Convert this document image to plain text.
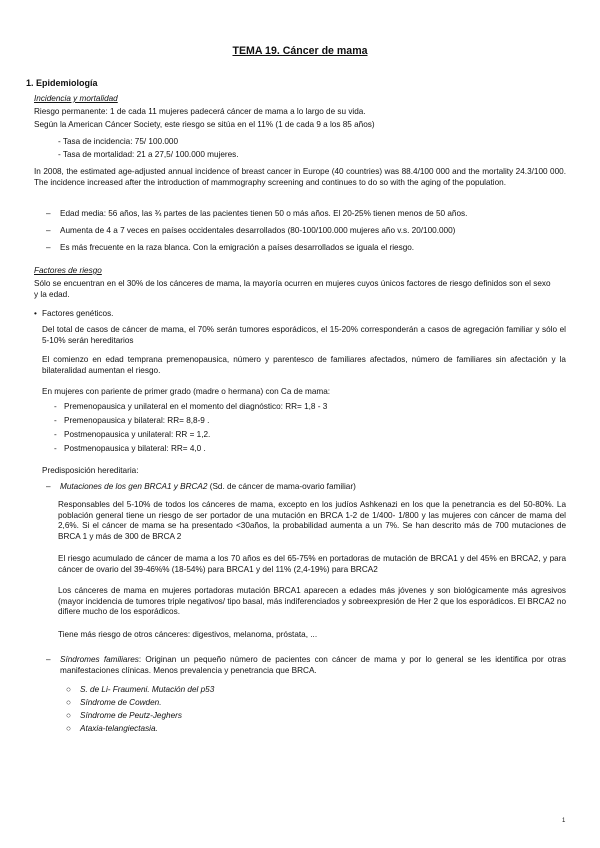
TEMA 19. Cáncer de mama
1. Epidemiología
Incidencia y mortalidad
Riesgo permanente: 1 de cada 11 mujeres padecerá cáncer de mama a lo largo de su vida.
Según la American Cáncer Society, este riesgo se sitúa en el 11% (1 de cada 9 a los 85 años)
- Tasa de incidencia: 75/ 100.000
- Tasa de mortalidad: 21 a 27,5/ 100.000 mujeres.
In 2008, the estimated age-adjusted annual incidence of breast cancer in Europe (40 countries) was 88.4/100 000 and the mortality 24.3/100 000. The incidence increased after the introduction of mammography screening and continues to do so with the aging of the population.
– Edad media: 56 años, las ¾ partes de las pacientes tienen 50 o más años. El 20-25% tienen menos de 50 años.
– Aumenta de 4 a 7 veces en países occidentales desarrollados (80-100/100.000 mujeres año v.s. 20/100.000)
– Es más frecuente en la raza blanca. Con la emigración a países desarrollados se iguala el riesgo.
Factores de riesgo
Sólo se encuentran en el 30% de los cánceres de mama, la mayoría ocurren en mujeres cuyos únicos factores de riesgo definidos son el sexo y la edad.
• Factores genéticos.
Del total de casos de cáncer de mama, el 70% serán tumores esporádicos, el 15-20% corresponderán a casos de agregación familiar y sólo el 5-10% serán hereditarios
El comienzo en edad temprana premenopausica, número y parentesco de familiares afectados, número de familiares sin afectación y la bilateralidad aumentan el riesgo.
En mujeres con pariente de primer grado (madre o hermana) con Ca de mama:
- Premenopausica y unilateral en el momento del diagnóstico: RR= 1,8 - 3
- Premenopausica y bilateral: RR= 8,8-9 .
- Postmenopausica y unilateral: RR = 1,2.
- Postmenopausica y bilateral: RR= 4,0 .
Predisposición hereditaria:
– Mutaciones de los gen BRCA1 y BRCA2 (Sd. de cáncer de mama-ovario familiar)
Responsables del 5-10% de todos los cánceres de mama, excepto en los judíos Ashkenazi en los que la penetrancia es del 50-80%. La población general tiene un riesgo de ser portador de una mutación en BRCA 1-2 de 1/400- 1/800 y las mujeres con cáncer de mama del 2,6%. Si el cáncer de mama se ha presentado <30años, la probabilidad aumenta a un 7%. Se han descrito más de 700 mutaciones de BRCA 1 y más de 300 de BRCA 2
El riesgo acumulado de cáncer de mama a los 70 años es del 65-75% en portadoras de mutación de BRCA1 y del 45% en BRCA2, y para cáncer de ovario del 39-46%% (18-54%) para BRCA1 y del 11% (2,4-19%) para BRCA2
Los cánceres de mama en mujeres portadoras mutación BRCA1 aparecen a edades más jóvenes y son biológicamente más agresivos (mayor incidencia de tumores triple negativos/ tipo basal, más indiferenciados y sobreexpresión de Her 2 que los esporádicos. El BRCA2 no difiere mucho de los esporádicos.
Tiene más riesgo de otros cánceres: digestivos, melanoma, próstata, ...
– Síndromes familiares: Originan un pequeño número de pacientes con cáncer de mama y por lo general se les identifica por otras manifestaciones clínicas. Menos prevalencia y penetrancia que BRCA.
○ S. de Li- Fraumeni. Mutación del p53
○ Síndrome de Cowden.
○ Síndrome de Peutz-Jeghers
○ Ataxia-telangiectasia.
1
